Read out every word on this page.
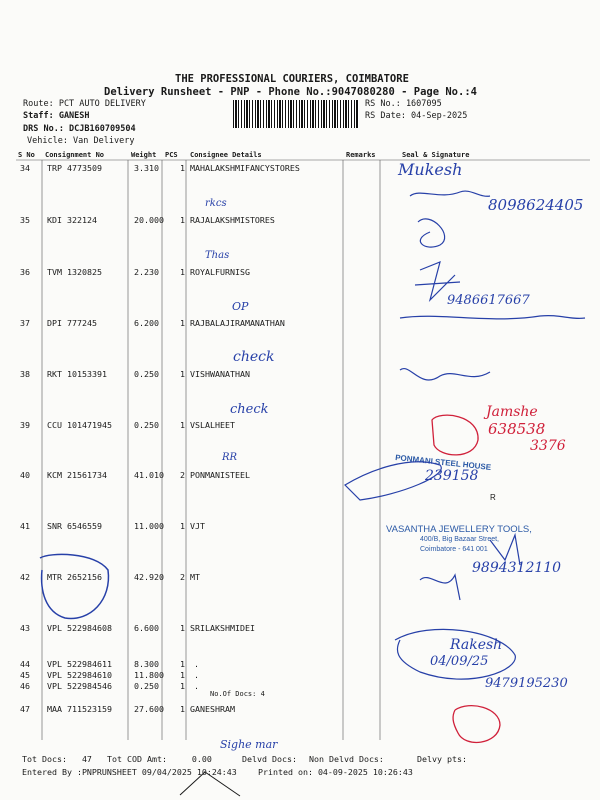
THE PROFESSIONAL COURIERS, COIMBATORE
Delivery Runsheet - PNP - Phone No.:9047080280 - Page No.:4
Route: PCT AUTO DELIVERY
Staff: GANESH
DRS No.: DCJB160709504
Vehicle: Van Delivery
RS No.: 1607095
RS Date: 04-Sep-2025
S No Consignment No	Weight PCS Consignee Details	Remarks	Seal & Signature
34 TRP 4773509	3.310	1 MAHALAKSHMIFANCYSTORES
35 KDI 322124	20.000 1 RAJALAKSHMISTORES
36 TVM 1320825	2.230	1 ROYALFURNISG
37 DPI 777245	6.200	1 RAJBALAJIRAMANATHAN
38 RKT 10153391	0.250	1 VISHWANATHAN
39 CCU 101471945	0.250	1 VSLALHEET
40 KCM 21561734	41.010 2 PONMANISTEEL
41 SNR 6546559	11.000 1 VJT
42 MTR 2652156	42.920 2 MT
43 VPL 522984608	6.600	1 SRILAKSHMIDEI
44 VPL 522984611	8.300	1 .
45 VPL 522984610	11.800 1 .
46 VPL 522984546	0.250	1 .
No.Of Docs: 4
47 MAA 711523159	27.600 1 GANESHRAM
rkcs
Thas
OP
check
check
RR
Sighe mar
Mukesh
8098624405
9486617667
Jamshe
638538
3376
239158
9894312110
Rakesh
04/09/25
9479195230
VASANTHA JEWELLERY TOOLS,
400/B, Big Bazaar Street,
Coimbatore - 641 001
PONMANI STEEL HOUSE
R
Tot Docs:   47 Tot COD Amt:     0.00	Delvd Docs: Non Delvd Docs:	Delvy pts:
Entered By :PNPRUNSHEET 09/04/2025 10:24:43	Printed on: 04-09-2025 10:26:43
